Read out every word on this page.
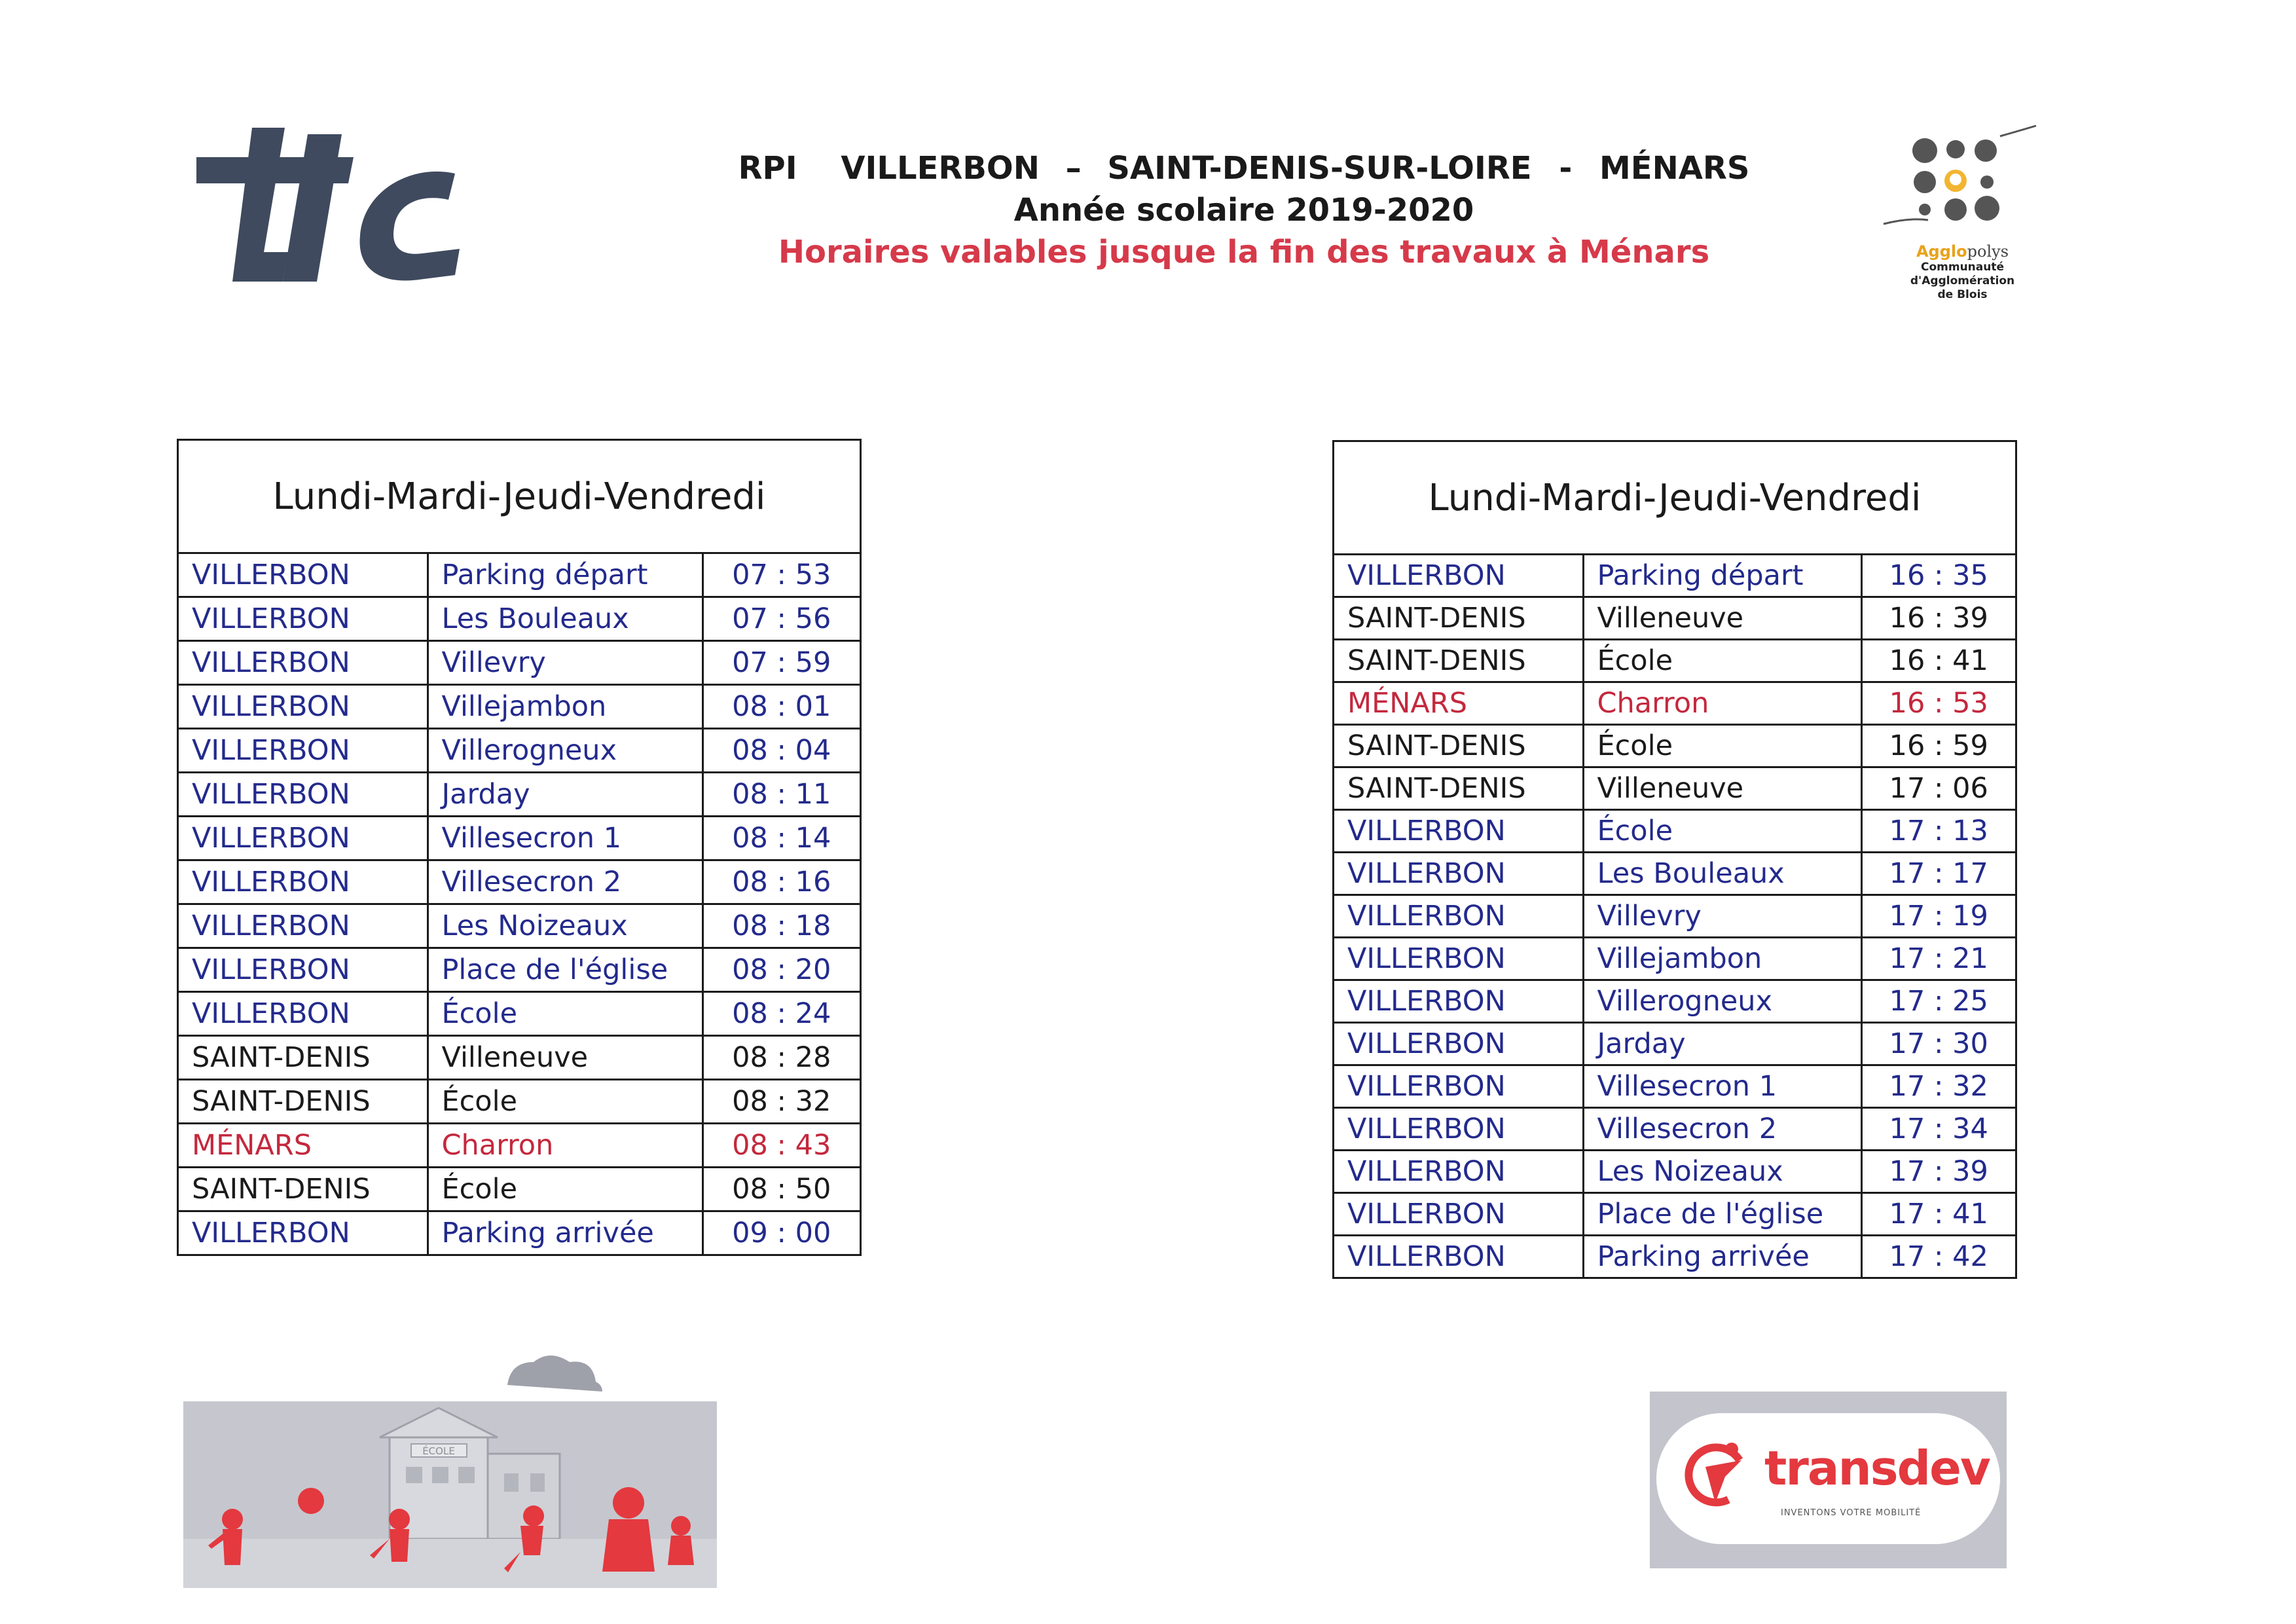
tlc
RPI VILLERBON – SAINT-DENIS-SUR-LOIRE - MÉNARS
Année scolaire 2019-2020
Horaires valables jusque la fin des travaux à Ménars	Agglopolys
Communauté
d'Agglomération
de Blois
Lundi-Mardi-Jeudi-Vendredi
VILLERBON	Parking départ	07 : 53
VILLERBON	Les Bouleaux	07 : 56
VILLERBON	Villevry	07 : 59
VILLERBON	Villejambon	08 : 01
VILLERBON	Villerogneux	08 : 04
VILLERBON	Jarday	08 : 11
VILLERBON	Villesecron 1	08 : 14
VILLERBON	Villesecron 2	08 : 16
VILLERBON	Les Noizeaux	08 : 18
VILLERBON	Place de l'église	08 : 20
VILLERBON	École	08 : 24
SAINT-DENIS	Villeneuve	08 : 28
SAINT-DENIS	École	08 : 32
MÉNARS	Charron	08 : 43
SAINT-DENIS	École	08 : 50
VILLERBON	Parking arrivée	09 : 00
Lundi-Mardi-Jeudi-Vendredi
VILLERBON	Parking départ	16 : 35
SAINT-DENIS	Villeneuve	16 : 39
SAINT-DENIS	École	16 : 41
MÉNARS	Charron	16 : 53
SAINT-DENIS	École	16 : 59
SAINT-DENIS	Villeneuve	17 : 06
VILLERBON	École	17 : 13
VILLERBON	Les Bouleaux	17 : 17
VILLERBON	Villevry	17 : 19
VILLERBON	Villejambon	17 : 21
VILLERBON	Villerogneux	17 : 25
VILLERBON	Jarday	17 : 30
VILLERBON	Villesecron 1	17 : 32
VILLERBON	Villesecron 2	17 : 34
VILLERBON	Les Noizeaux	17 : 39
VILLERBON	Place de l'église	17 : 41
VILLERBON	Parking arrivée	17 : 42
ÉCOLE	transdev
INVENTONS VOTRE MOBILITÉ
